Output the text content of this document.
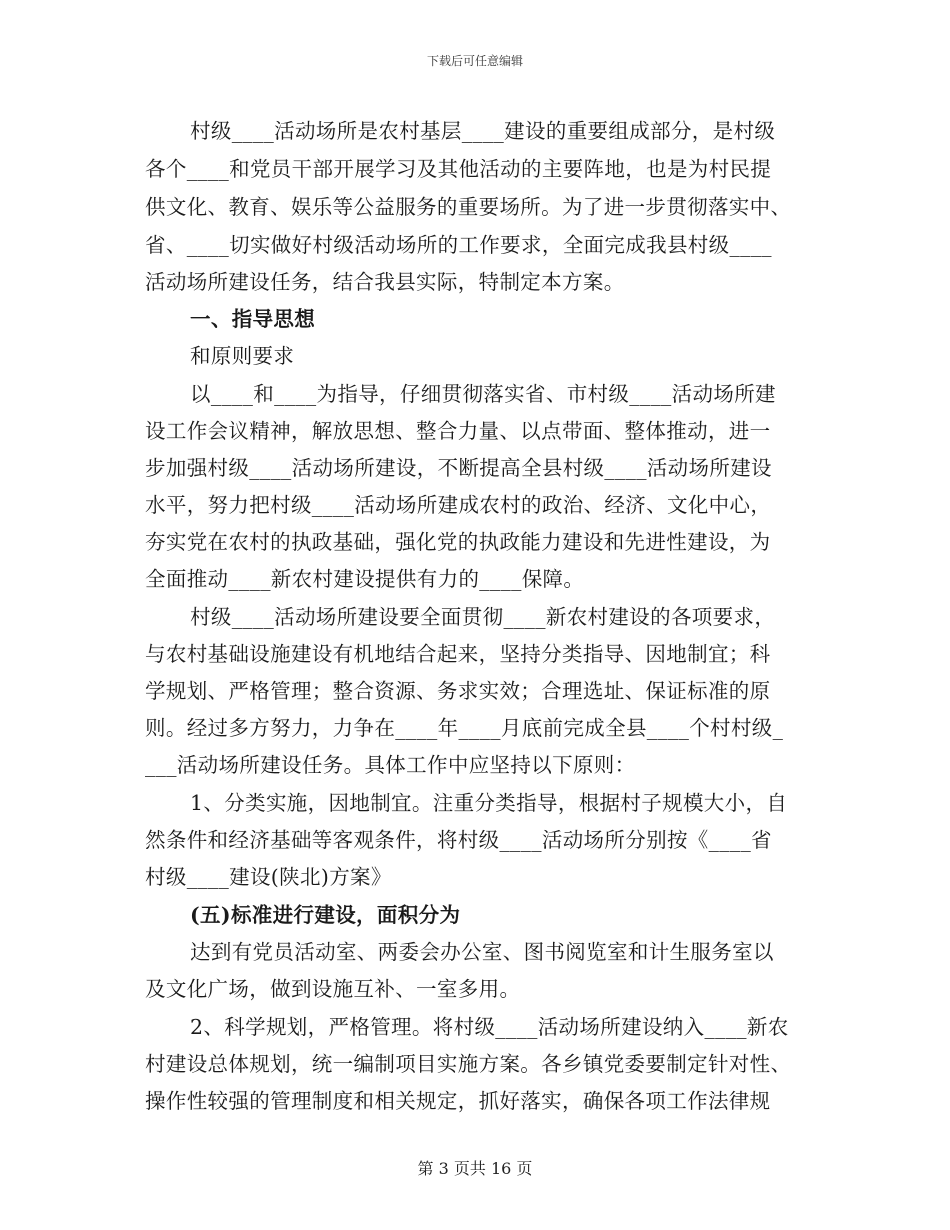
下载后可任意编辑
村级____活动场所是农村基层____建设的重要组成部分，是村级
各个____和党员干部开展学习及其他活动的主要阵地，也是为村民提
供文化、教育、娱乐等公益服务的重要场所。为了进一步贯彻落实中、
省、____切实做好村级活动场所的工作要求，全面完成我县村级____
活动场所建设任务，结合我县实际，特制定本方案。
一、指导思想
和原则要求
以____和____为指导，仔细贯彻落实省、市村级____活动场所建
设工作会议精神，解放思想、整合力量、以点带面、整体推动，进一
步加强村级____活动场所建设，不断提高全县村级____活动场所建设
水平，努力把村级____活动场所建成农村的政治、经济、文化中心，
夯实党在农村的执政基础，强化党的执政能力建设和先进性建设，为
全面推动____新农村建设提供有力的____保障。
村级____活动场所建设要全面贯彻____新农村建设的各项要求，
与农村基础设施建设有机地结合起来，坚持分类指导、因地制宜；科
学规划、严格管理；整合资源、务求实效；合理选址、保证标准的原
则。经过多方努力，力争在____年____月底前完成全县____个村村级_
___活动场所建设任务。具体工作中应坚持以下原则：
1、分类实施，因地制宜。注重分类指导，根据村子规模大小，自
然条件和经济基础等客观条件，将村级____活动场所分别按《____省
村级____建设(陕北)方案》
(五)标准进行建设，面积分为
达到有党员活动室、两委会办公室、图书阅览室和计生服务室以
及文化广场，做到设施互补、一室多用。
2、科学规划，严格管理。将村级____活动场所建设纳入____新农
村建设总体规划，统一编制项目实施方案。各乡镇党委要制定针对性、
操作性较强的管理制度和相关规定，抓好落实，确保各项工作法律规
第 3 页共 16 页
